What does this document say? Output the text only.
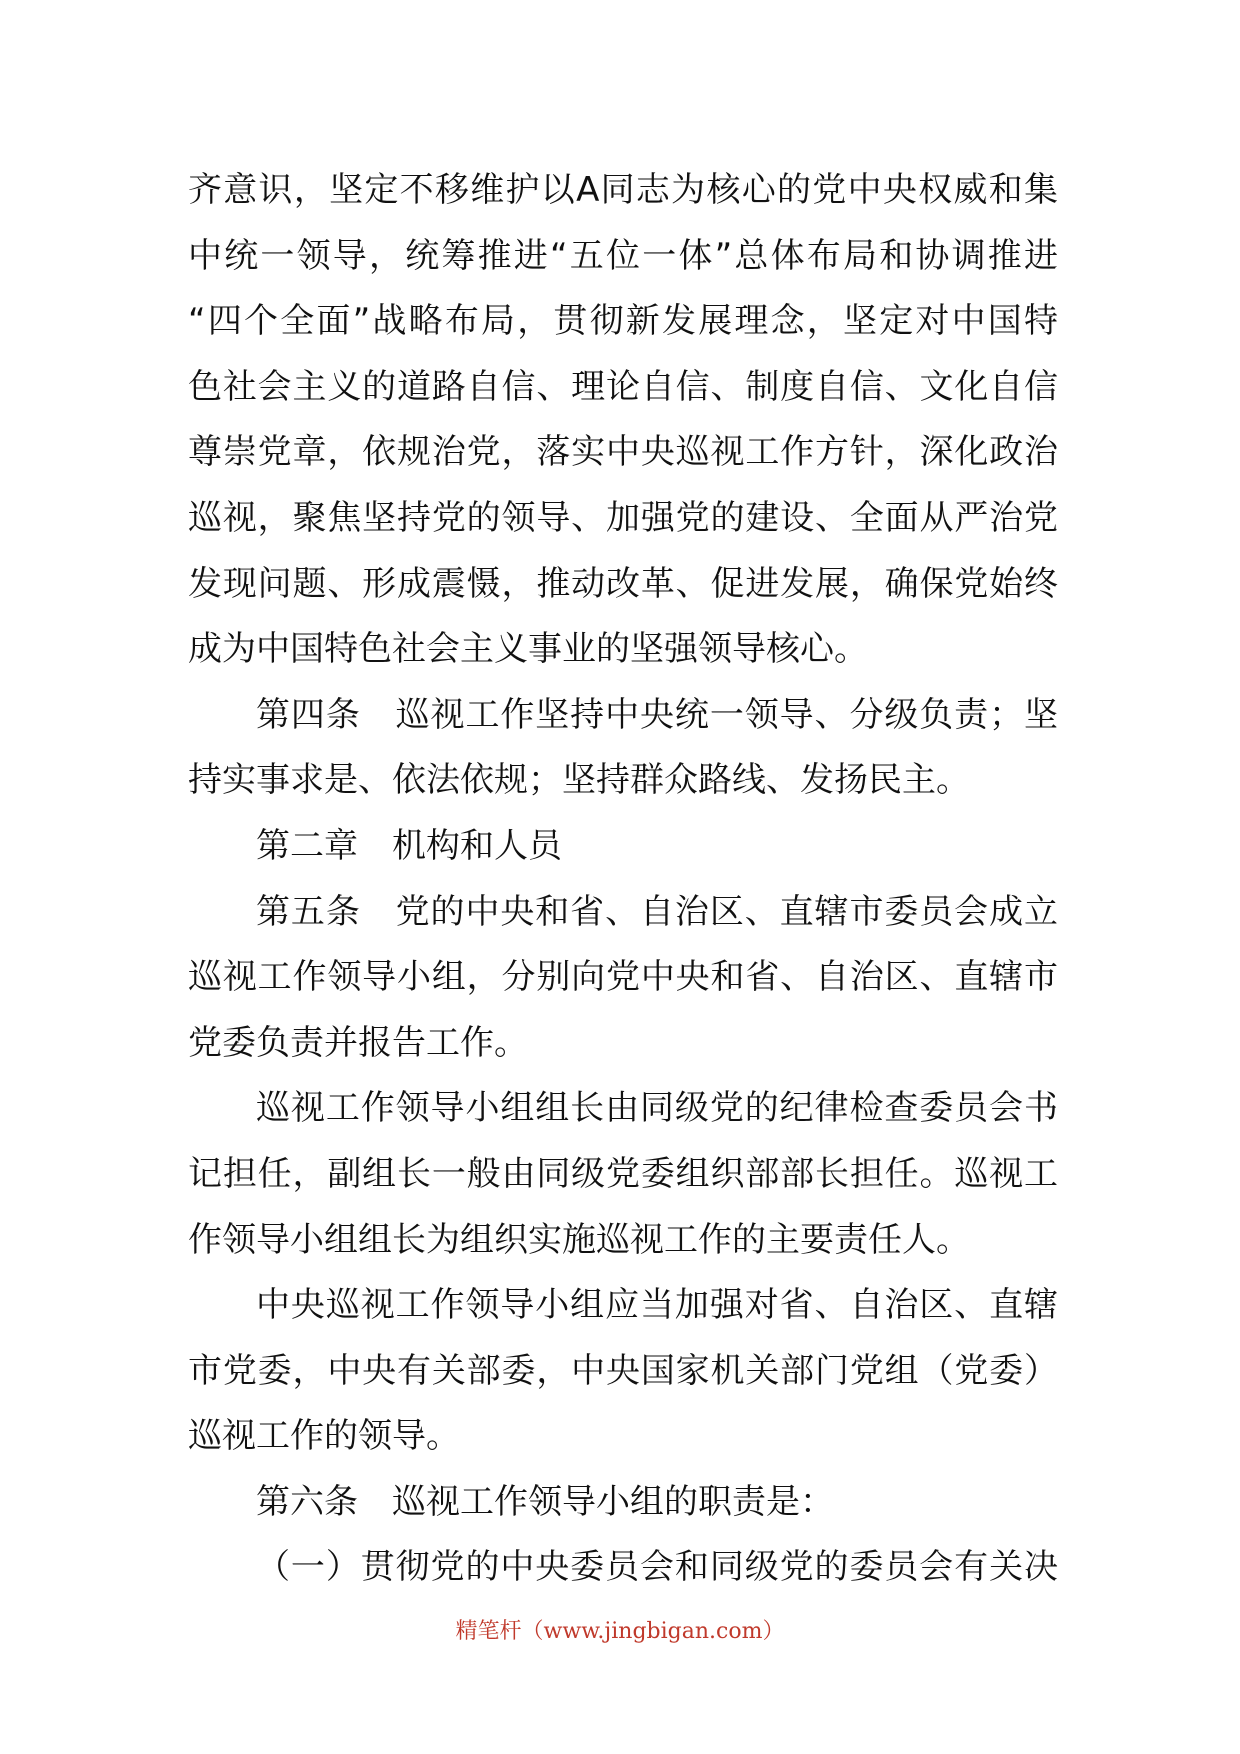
齐意识，坚定不移维护以A同志为核心的党中央权威和集
中统一领导，统筹推进“五位一体”总体布局和协调推进
“四个全面”战略布局，贯彻新发展理念，坚定对中国特
色社会主义的道路自信、理论自信、制度自信、文化自信
尊崇党章，依规治党，落实中央巡视工作方针，深化政治
巡视，聚焦坚持党的领导、加强党的建设、全面从严治党
发现问题、形成震慑，推动改革、促进发展，确保党始终
成为中国特色社会主义事业的坚强领导核心。
第四条　巡视工作坚持中央统一领导、分级负责；坚
持实事求是、依法依规；坚持群众路线、发扬民主。
第二章　机构和人员
第五条　党的中央和省、自治区、直辖市委员会成立
巡视工作领导小组，分别向党中央和省、自治区、直辖市
党委负责并报告工作。
巡视工作领导小组组长由同级党的纪律检查委员会书
记担任，副组长一般由同级党委组织部部长担任。巡视工
作领导小组组长为组织实施巡视工作的主要责任人。
中央巡视工作领导小组应当加强对省、自治区、直辖
市党委，中央有关部委，中央国家机关部门党组（党委）
巡视工作的领导。
第六条　巡视工作领导小组的职责是：
（一）贯彻党的中央委员会和同级党的委员会有关决
精笔杆（www.jingbigan.com）
